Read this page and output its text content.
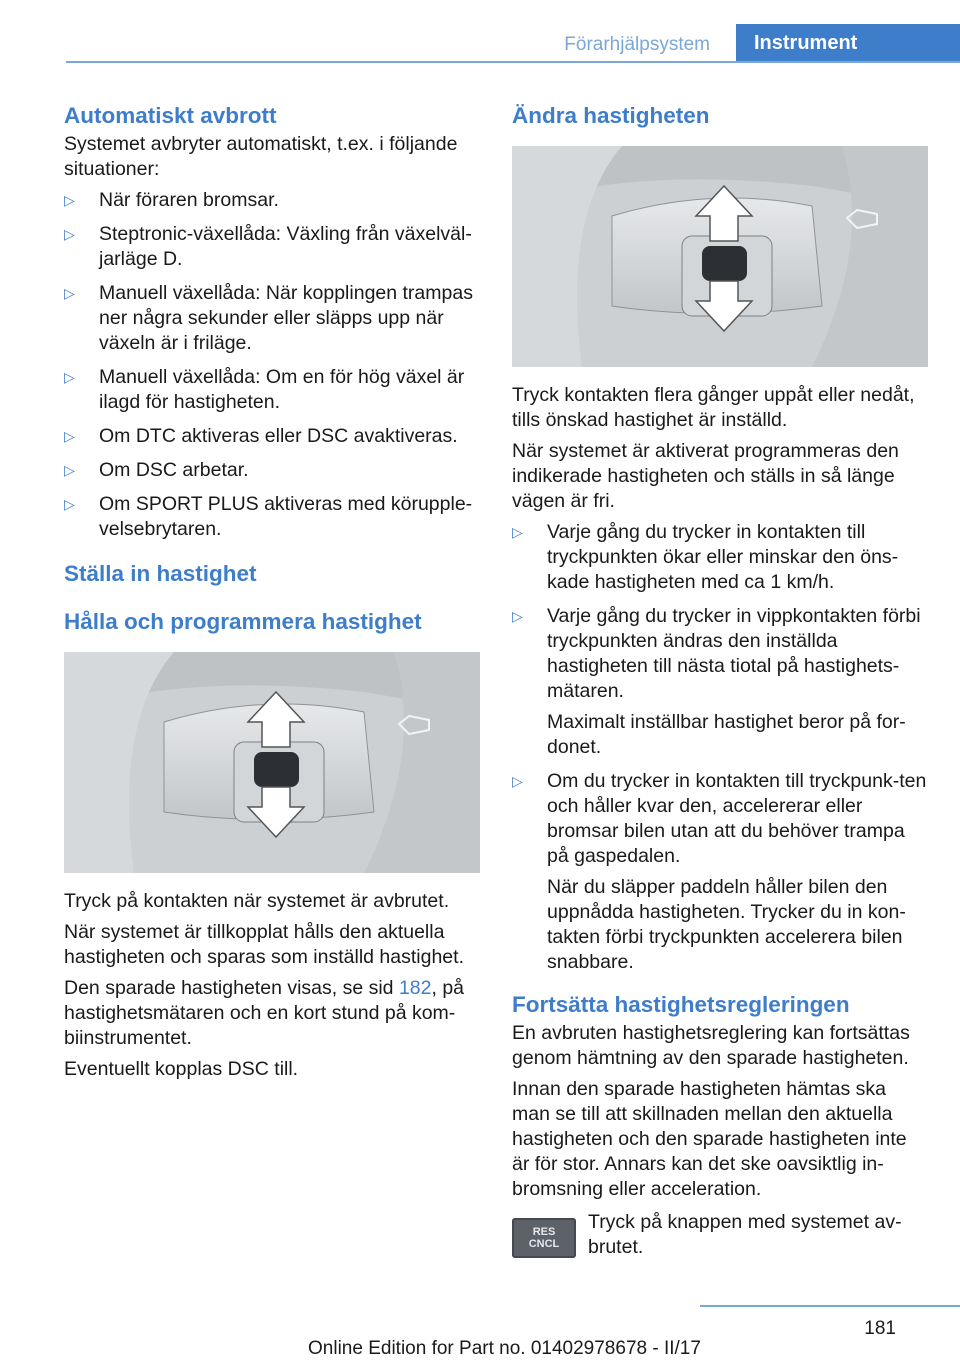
Förarhjälpsystem	Instrument
Automatiskt avbrott

Systemet avbryter automatiskt, t.ex. i följande situationer:

▷ När föraren bromsar.
▷ Steptronic-växellåda: Växling från växelväl-jarläge D.
▷ Manuell växellåda: När kopplingen trampas ner några sekunder eller släpps upp när växeln är i friläge.
▷ Manuell växellåda: Om en för hög växel är ilagd för hastigheten.
▷ Om DTC aktiveras eller DSC avaktiveras.
▷ Om DSC arbetar.
▷ Om SPORT PLUS aktiveras med körupple-velsebrytaren.
Ställa in hastighet
Hålla och programmera hastighet

Tryck på kontakten när systemet är avbrutet.

När systemet är tillkopplat hålls den aktuella hastigheten och sparas som inställd hastighet.

Den sparade hastigheten visas, se sid 182, på hastighetsmätaren och en kort stund på kom-biinstrumentet.

Eventuellt kopplas DSC till.

Ändra hastigheten

Tryck kontakten flera gånger uppåt eller nedåt, tills önskad hastighet är inställd.

När systemet är aktiverat programmeras den indikerade hastigheten och ställs in så länge vägen är fri.

▷ Varje gång du trycker in kontakten till tryckpunkten ökar eller minskar den öns-kade hastigheten med ca 1 km/h.
▷ Varje gång du trycker in vippkontakten förbi tryckpunkten ändras den inställda hastigheten till nästa tiotal på hastighets-mätaren.

Maximalt inställbar hastighet beror på for-donet.

▷ Om du trycker in kontakten till tryckpunk-ten och håller kvar den, accelererar eller bromsar bilen utan att du behöver trampa på gaspedalen.

När du släpper paddeln håller bilen den uppnådda hastigheten. Trycker du in kon-takten förbi tryckpunkten accelerera bilen snabbare.

Fortsätta hastighetsregleringen

En avbruten hastighetsreglering kan fortsättas genom hämtning av den sparade hastigheten.

Innan den sparade hastigheten hämtas ska man se till att skillnaden mellan den aktuella hastigheten och den sparade hastigheten inte är för stor. Annars kan det ske oavsiktlig in-bromsning eller acceleration.

RES
CNCL

Tryck på knappen med systemet av-brutet.

181
Online Edition for Part no. 01402978678 - II/17
